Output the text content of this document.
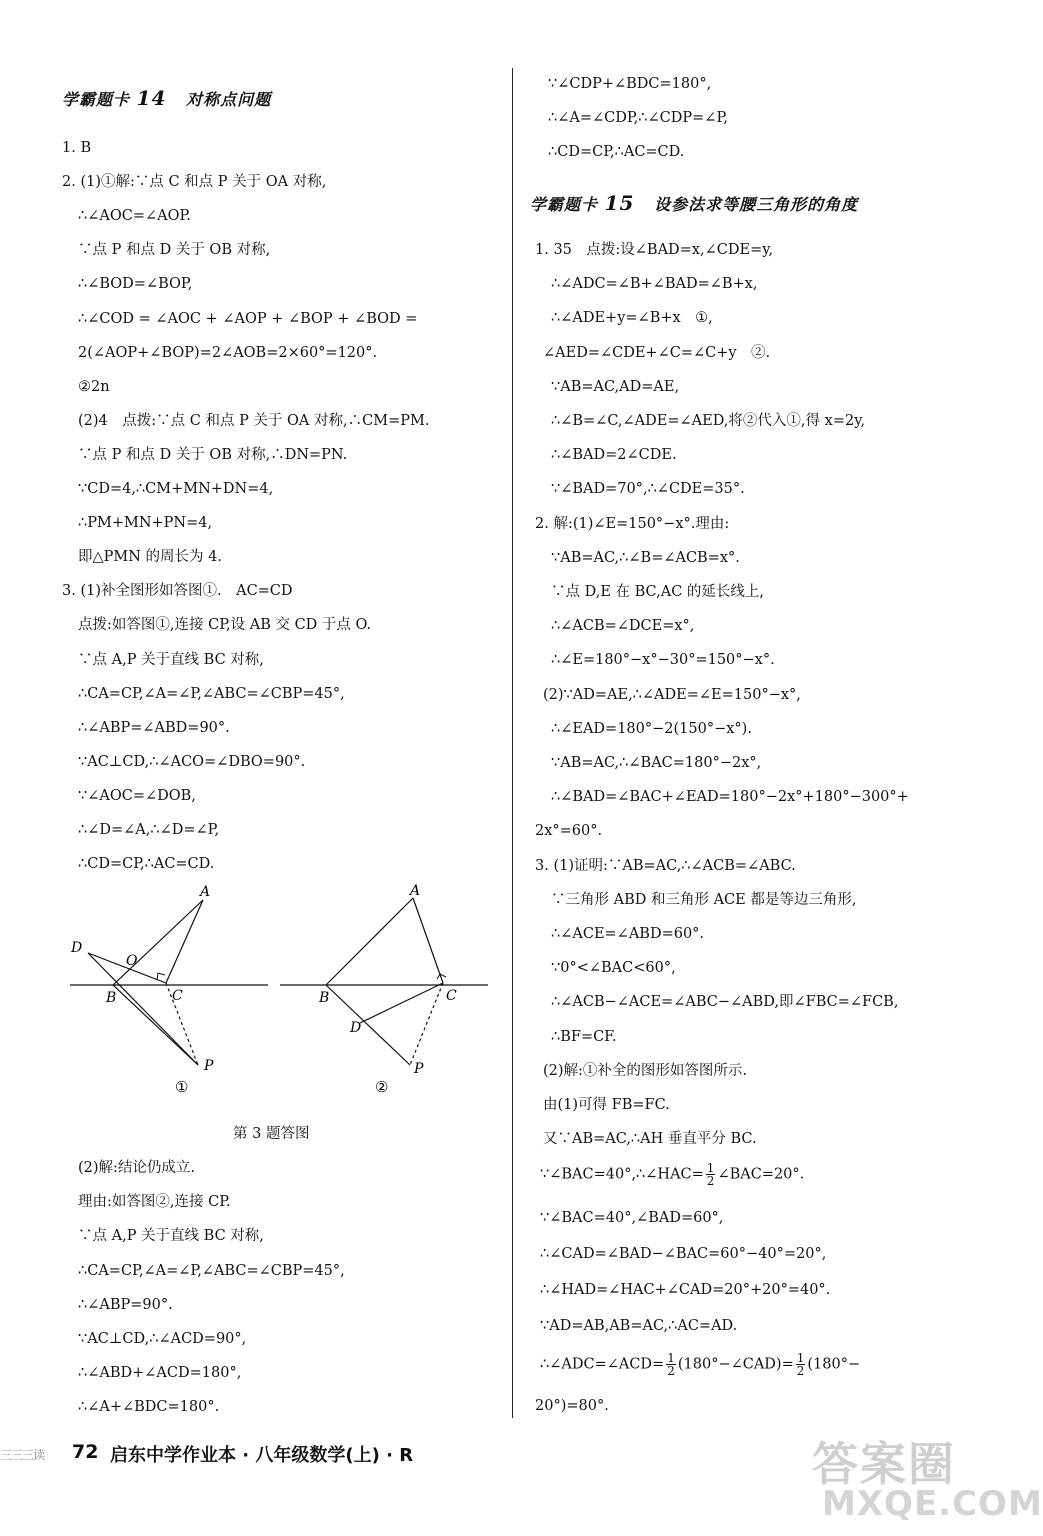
学霸题卡 14 对称点问题
1. B
2. (1)①解:∵点 C 和点 P 关于 OA 对称,
∴∠AOC=∠AOP.
∵点 P 和点 D 关于 OB 对称,
∴∠BOD=∠BOP,
∴∠COD = ∠AOC + ∠AOP + ∠BOP + ∠BOD =
2(∠AOP+∠BOP)=2∠AOB=2×60°=120°.
②2n
(2)4　点拨:∵点 C 和点 P 关于 OA 对称,∴CM=PM.
∵点 P 和点 D 关于 OB 对称,∴DN=PN.
∵CD=4,∴CM+MN+DN=4,
∴PM+MN+PN=4,
即△PMN 的周长为 4.
3. (1)补全图形如答图①.　AC=CD
点拨:如答图①,连接 CP,设 AB 交 CD 于点 O.
∵点 A,P 关于直线 BC 对称,
∴CA=CP,∠A=∠P,∠ABC=∠CBP=45°,
∴∠ABP=∠ABD=90°.
∵AC⊥CD,∴∠ACO=∠DBO=90°.
∵∠AOC=∠DOB,
∴∠D=∠A,∴∠D=∠P,
∴CD=CP,∴AC=CD.
A
D
O
B	C
P
①
A
B	C
D
P
②
第 3 题答图
(2)解:结论仍成立.
理由:如答图②,连接 CP.
∵点 A,P 关于直线 BC 对称,
∴CA=CP,∠A=∠P,∠ABC=∠CBP=45°,
∴∠ABP=90°.
∵AC⊥CD,∴∠ACD=90°,
∴∠ABD+∠ACD=180°,
∴∠A+∠BDC=180°.
∵∠CDP+∠BDC=180°,
∴∠A=∠CDP,∴∠CDP=∠P,
∴CD=CP,∴AC=CD.
学霸题卡 15 设参法求等腰三角形的角度
1. 35　点拨:设∠BAD=x,∠CDE=y,
∴∠ADC=∠B+∠BAD=∠B+x,
∴∠ADE+y=∠B+x　①,
∠AED=∠CDE+∠C=∠C+y　②.
∵AB=AC,AD=AE,
∴∠B=∠C,∠ADE=∠AED,将②代入①,得 x=2y,
∴∠BAD=2∠CDE.
∵∠BAD=70°,∴∠CDE=35°.
2. 解:(1)∠E=150°−x°.理由:
∵AB=AC,∴∠B=∠ACB=x°.
∵点 D,E 在 BC,AC 的延长线上,
∴∠ACB=∠DCE=x°,
∴∠E=180°−x°−30°=150°−x°.
(2)∵AD=AE,∴∠ADE=∠E=150°−x°,
∴∠EAD=180°−2(150°−x°).
∵AB=AC,∴∠BAC=180°−2x°,
∴∠BAD=∠BAC+∠EAD=180°−2x°+180°−300°+
2x°=60°.
3. (1)证明:∵AB=AC,∴∠ACB=∠ABC.
∵三角形 ABD 和三角形 ACE 都是等边三角形,
∴∠ACE=∠ABD=60°.
∵0°<∠BAC<60°,
∴∠ACB−∠ACE=∠ABC−∠ABD,即∠FBC=∠FCB,
∴BF=CF.
(2)解:①补全的图形如答图所示.
由(1)可得 FB=FC.
又∵AB=AC,∴AH 垂直平分 BC.
∵∠BAC=40°,∴∠HAC= $\frac{1}{2}$ ∠BAC=20°.
∵∠BAC=40°,∠BAD=60°,
∴∠CAD=∠BAD−∠BAC=60°−40°=20°,
∴∠HAD=∠HAC+∠CAD=20°+20°=40°.
∵AD=AB,AB=AC,∴AC=AD.
∴∠ADC=∠ACD= $\frac{1}{2}$ (180°−∠CAD)= $\frac{1}{2} (180^\circ-$
20°)=80°.
三三三读 72 启东中学作业本 · 八年级数学(上) · R	答案圈
MXQE.COM
